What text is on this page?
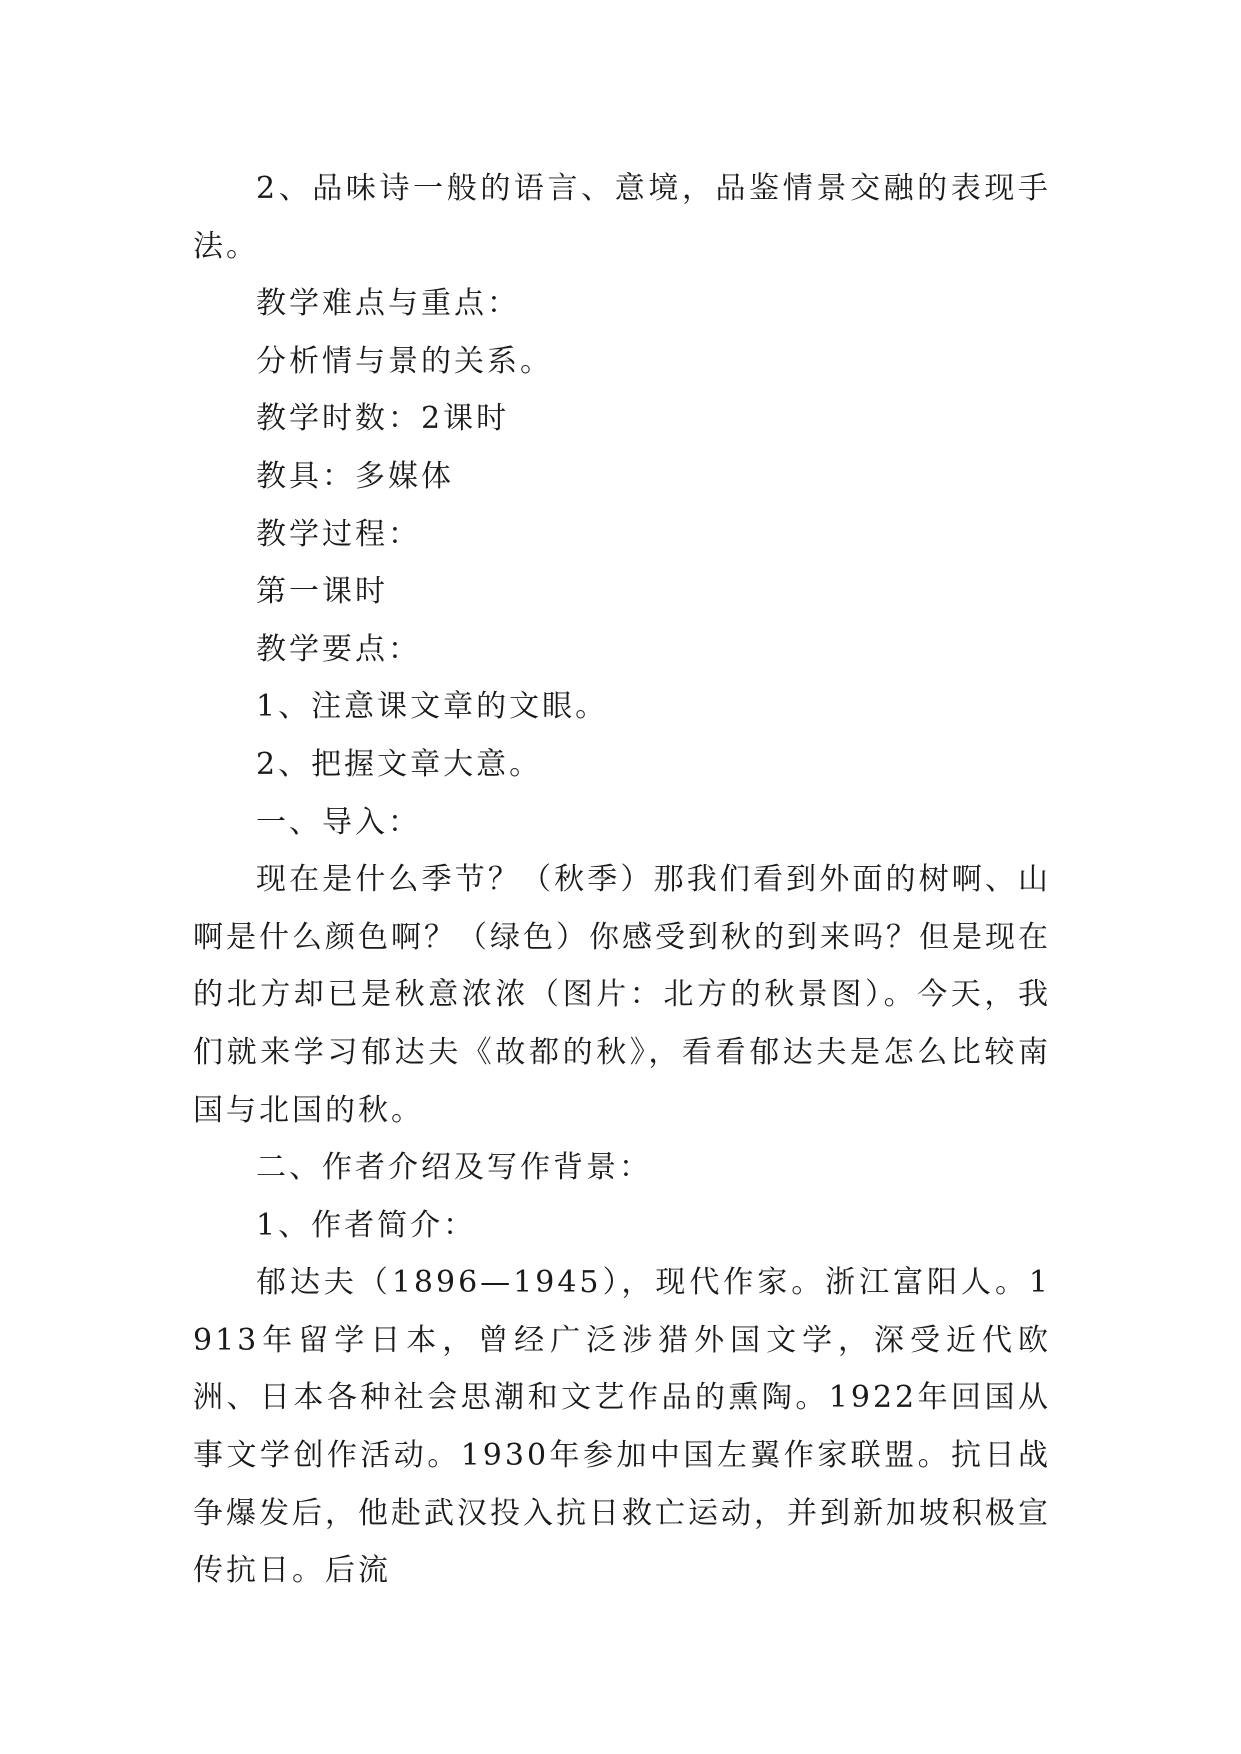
2、品味诗一般的语言、意境，品鉴情景交融的表现手法。

教学难点与重点：

分析情与景的关系。

教学时数：2课时

教具：多媒体

教学过程：

第一课时

教学要点：

1、注意课文章的文眼。

2、把握文章大意。

一、导入：

现在是什么季节？（秋季）那我们看到外面的树啊、山啊是什么颜色啊？（绿色）你感受到秋的到来吗？但是现在的北方却已是秋意浓浓（图片：北方的秋景图）。今天，我们就来学习郁达夫《故都的秋》，看看郁达夫是怎么比较南国与北国的秋。

二、作者介绍及写作背景：

1、作者简介：

郁达夫（1896—1945），现代作家。浙江富阳人。1913年留学日本，曾经广泛涉猎外国文学，深受近代欧洲、日本各种社会思潮和文艺作品的熏陶。1922年回国从事文学创作活动。1930年参加中国左翼作家联盟。抗日战争爆发后，他赴武汉投入抗日救亡运动，并到新加坡积极宣传抗日。后流
